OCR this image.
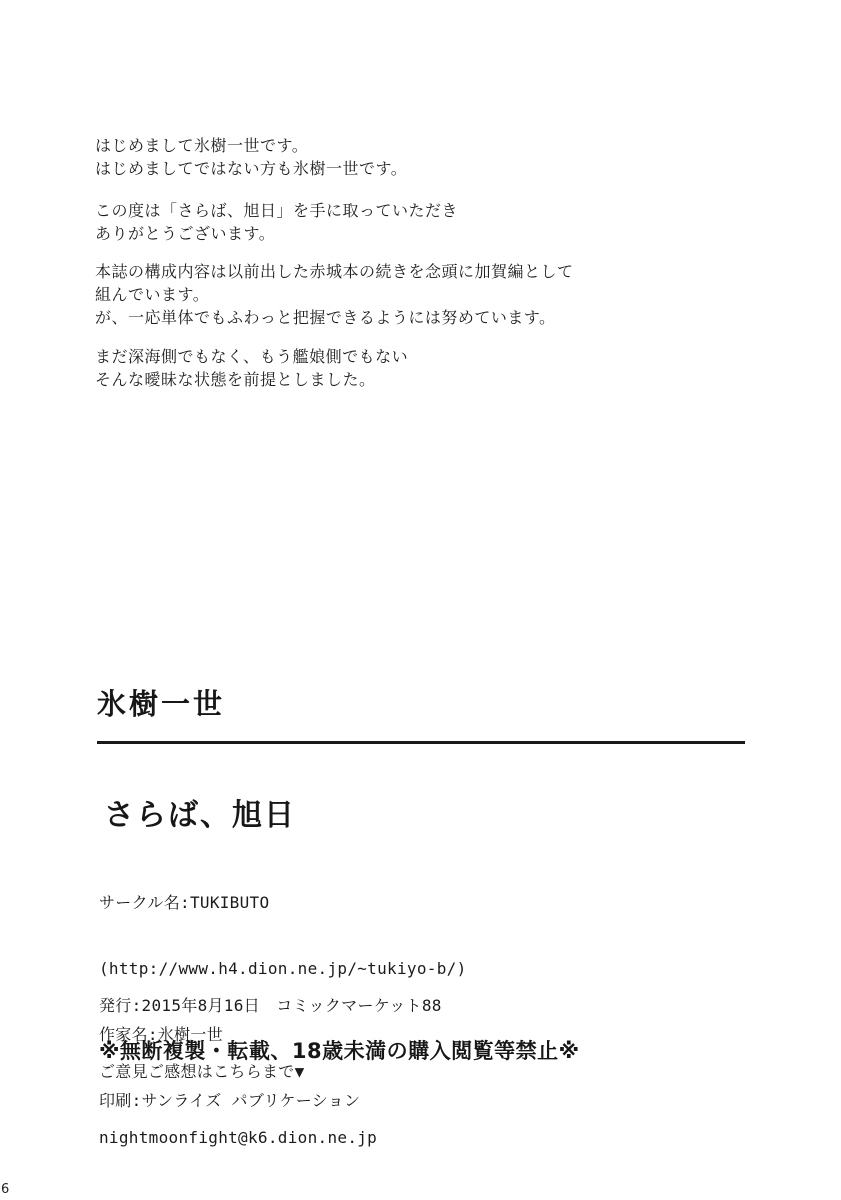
はじめまして氷樹一世です。
はじめましてではない方も氷樹一世です。
この度は「さらば、旭日」を手に取っていただき
ありがとうございます。
本誌の構成内容は以前出した赤城本の続きを念頭に加賀編として
組んでいます。
が、一応単体でもふわっと把握できるようには努めています。
まだ深海側でもなく、もう艦娘側でもない
そんな曖昧な状態を前提としました。
氷樹一世
さらば、旭日

サークル名:TUKIBUTO

(http://www.h4.dion.ne.jp/~tukiyo-b/)

作家名:氷樹一世

印刷:サンライズ パブリケーション

発行:2015年8月16日　コミックマーケット88

ご意見ご感想はこちらまで▼

nightmoonfight@k6.dion.ne.jp

※無断複製・転載、18歳未満の購入閲覧等禁止※
6
